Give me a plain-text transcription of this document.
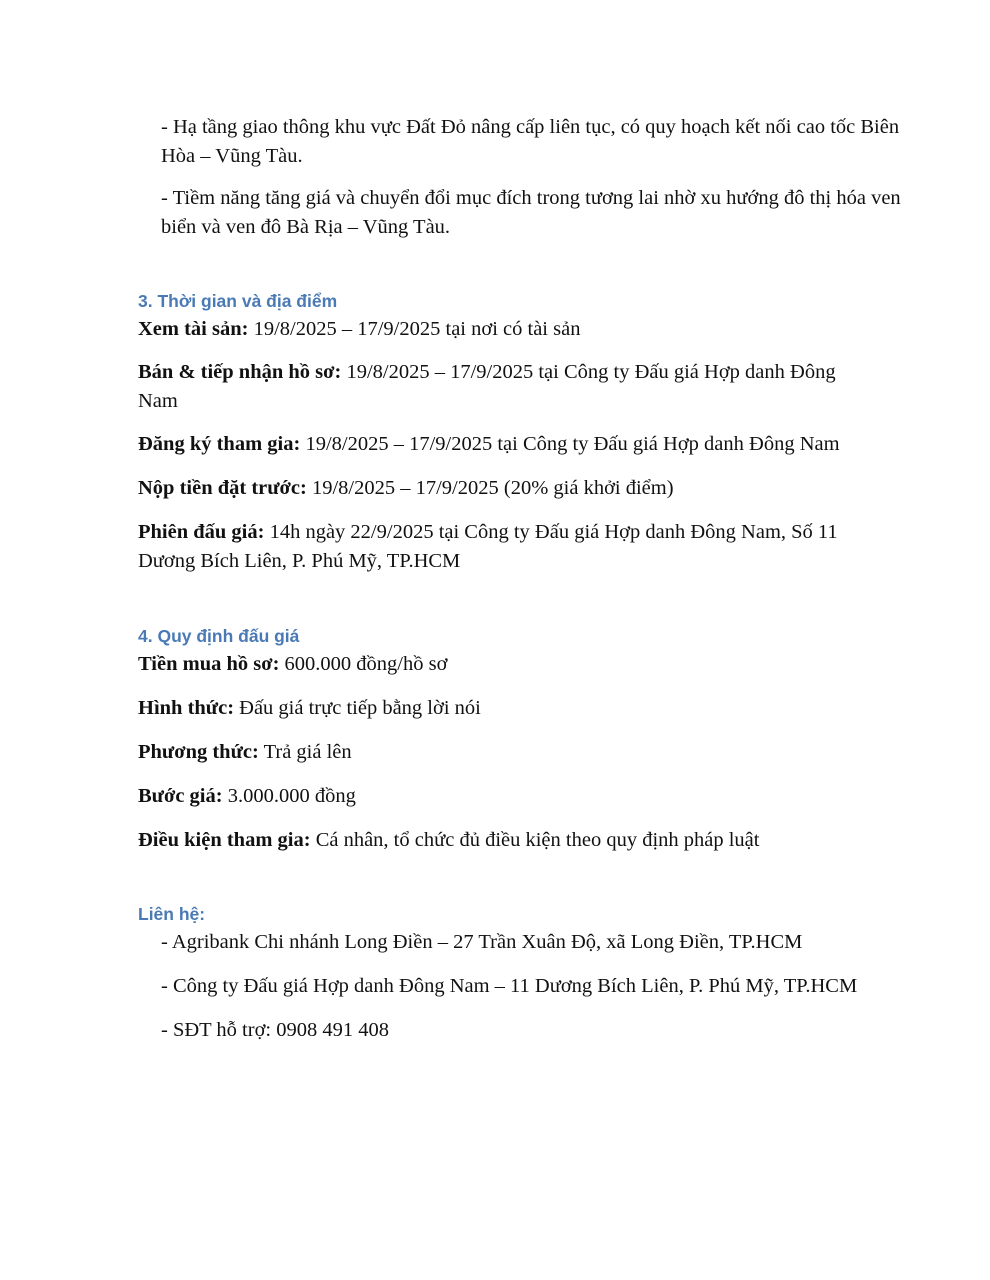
- Hạ tầng giao thông khu vực Đất Đỏ nâng cấp liên tục, có quy hoạch kết nối cao tốc Biên Hòa – Vũng Tàu.

- Tiềm năng tăng giá và chuyển đổi mục đích trong tương lai nhờ xu hướng đô thị hóa ven biển và ven đô Bà Rịa – Vũng Tàu.

3. Thời gian và địa điểm

Xem tài sản: 19/8/2025 – 17/9/2025 tại nơi có tài sản

Bán & tiếp nhận hồ sơ: 19/8/2025 – 17/9/2025 tại Công ty Đấu giá Hợp danh Đông Nam

Đăng ký tham gia: 19/8/2025 – 17/9/2025 tại Công ty Đấu giá Hợp danh Đông Nam

Nộp tiền đặt trước: 19/8/2025 – 17/9/2025 (20% giá khởi điểm)

Phiên đấu giá: 14h ngày 22/9/2025 tại Công ty Đấu giá Hợp danh Đông Nam, Số 11 Dương Bích Liên, P. Phú Mỹ, TP.HCM

4. Quy định đấu giá

Tiền mua hồ sơ: 600.000 đồng/hồ sơ

Hình thức: Đấu giá trực tiếp bằng lời nói

Phương thức: Trả giá lên

Bước giá: 3.000.000 đồng

Điều kiện tham gia: Cá nhân, tổ chức đủ điều kiện theo quy định pháp luật

Liên hệ:

- Agribank Chi nhánh Long Điền – 27 Trần Xuân Độ, xã Long Điền, TP.HCM

- Công ty Đấu giá Hợp danh Đông Nam – 11 Dương Bích Liên, P. Phú Mỹ, TP.HCM

- SĐT hỗ trợ: 0908 491 408
